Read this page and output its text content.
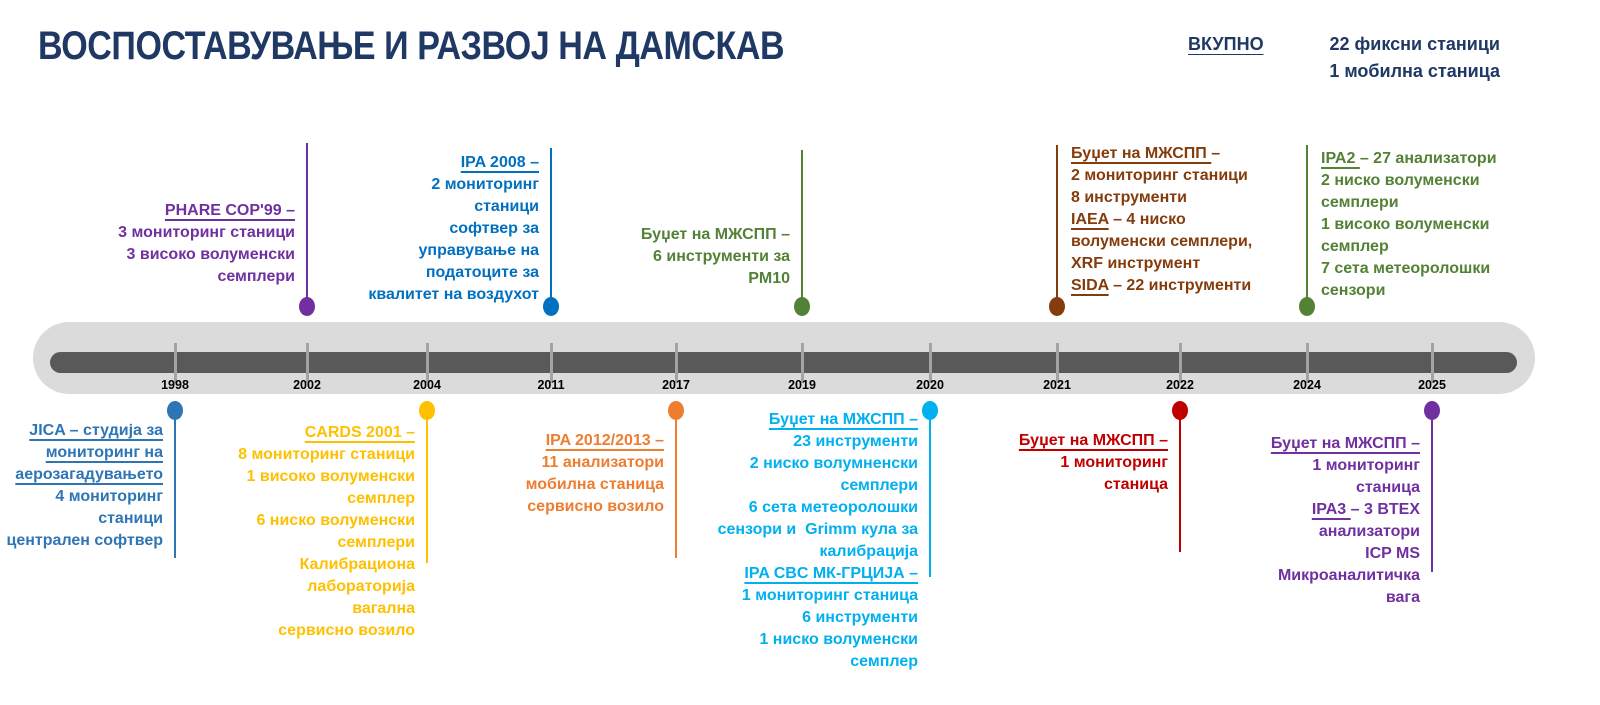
ВОСПОСТАВУВАЊЕ И РАЗВОЈ НА ДАМСКАВ	ВКУПНО	22 фиксни станици
1 мобилна станица
1998
JICA – студија за
мониторинг на
аерозагадувањето
4 мониторинг
станици
централен софтвер
2002
PHARE COP'99 –
3 мониторинг станици
3 високо волуменски
семплери
2004
CARDS 2001 –
8 мониторинг станици
1 високо волуменски
семплер
6 ниско волуменски
семплери
Калибрациона
лабораторија
вагална
сервисно возило
2011
IPA 2008 –
2 мониторинг
станици
софтвер за
управување на
податоците за
квалитет на воздухот
2017
IPA 2012/2013 –
11 анализатори
мобилна станица
сервисно возило
2019
Буџет на МЖСПП –
6 инструменти за
PM10
2020
Буџет на МЖСПП –
23 инструменти
2 ниско волумненски
семплери
6 сета метеоролошки
сензори и  Grimm кула за
калибрација
IPA CBC МК-ГРЦИЈА –
1 мониторинг станица
6 инструменти
1 ниско волуменски
семплер
2021
Буџет на МЖСПП –
2 мониторинг станици
8 инструменти
IAEA – 4 ниско
волуменски семплери,
XRF инструмент
SIDA – 22 инструменти
2022
Буџет на МЖСПП –
1 мониторинг
станица
2024
IPA2 – 27 анализатори
2 ниско волуменски
семплери
1 високо волуменски
семплер
7 сета метеоролошки
сензори
2025
Буџет на МЖСПП –
1 мониторинг
станица
IPA3 – 3 BTEX
анализатори
ICP MS
Микроаналитичка
вага
